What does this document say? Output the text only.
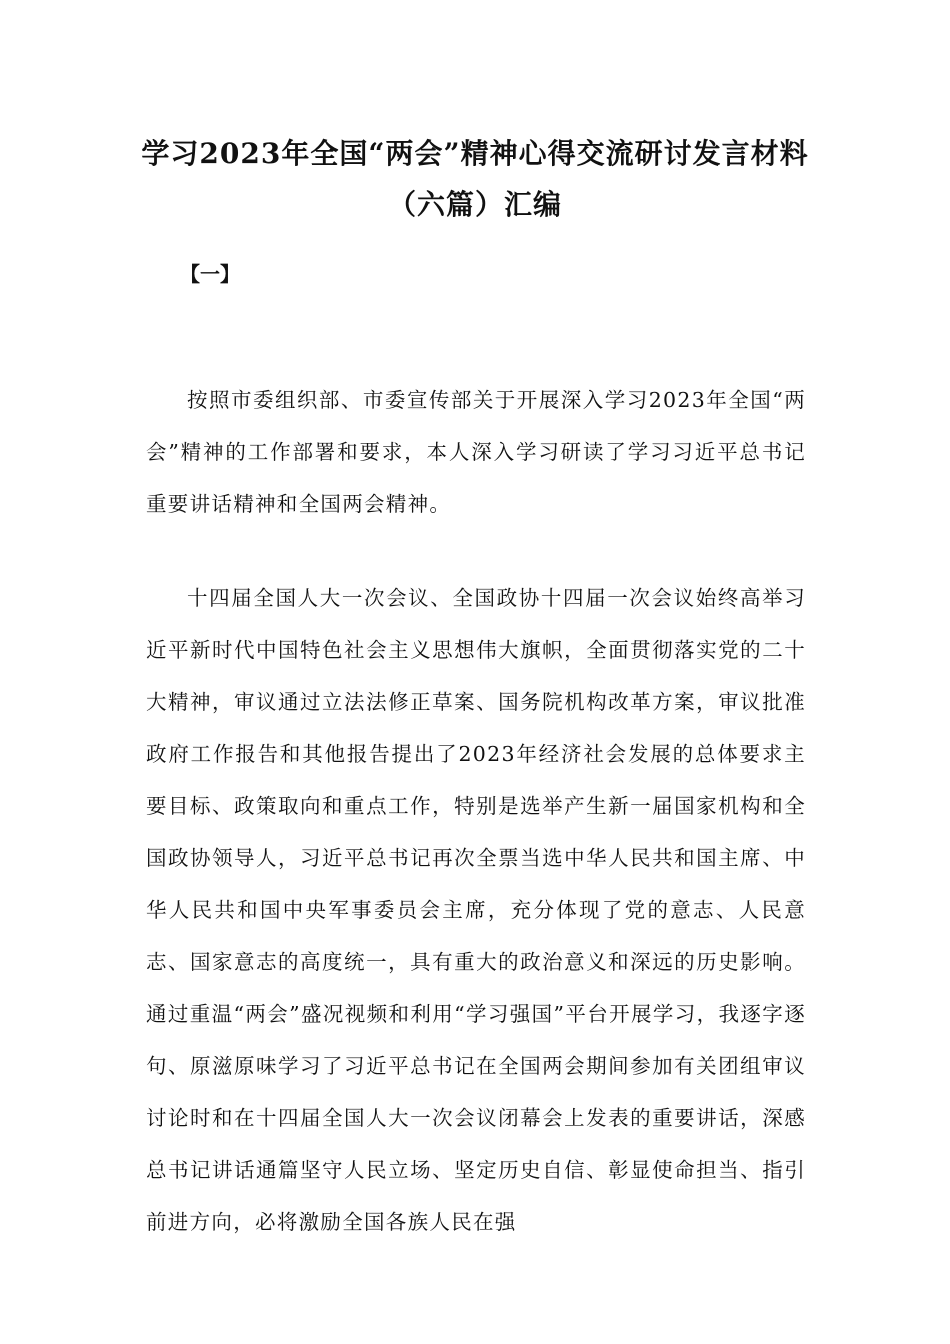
学习2023年全国“两会”精神心得交流研讨发言材料（六篇）汇编
【一】

按照市委组织部、市委宣传部关于开展深入学习2023年全国“两会”精神的工作部署和要求，本人深入学习研读了学习习近平总书记重要讲话精神和全国两会精神。

十四届全国人大一次会议、全国政协十四届一次会议始终高举习近平新时代中国特色社会主义思想伟大旗帜，全面贯彻落实党的二十大精神，审议通过立法法修正草案、国务院机构改革方案，审议批准政府工作报告和其他报告提出了2023年经济社会发展的总体要求主要目标、政策取向和重点工作，特别是选举产生新一届国家机构和全国政协领导人，习近平总书记再次全票当选中华人民共和国主席、中华人民共和国中央军事委员会主席，充分体现了党的意志、人民意志、国家意志的高度统一，具有重大的政治意义和深远的历史影响。通过重温“两会”盛况视频和利用“学习强国”平台开展学习，我逐字逐句、原滋原味学习了习近平总书记在全国两会期间参加有关团组审议讨论时和在十四届全国人大一次会议闭幕会上发表的重要讲话，深感总书记讲话通篇坚守人民立场、坚定历史自信、彰显使命担当、指引前进方向，必将激励全国各族人民在强
